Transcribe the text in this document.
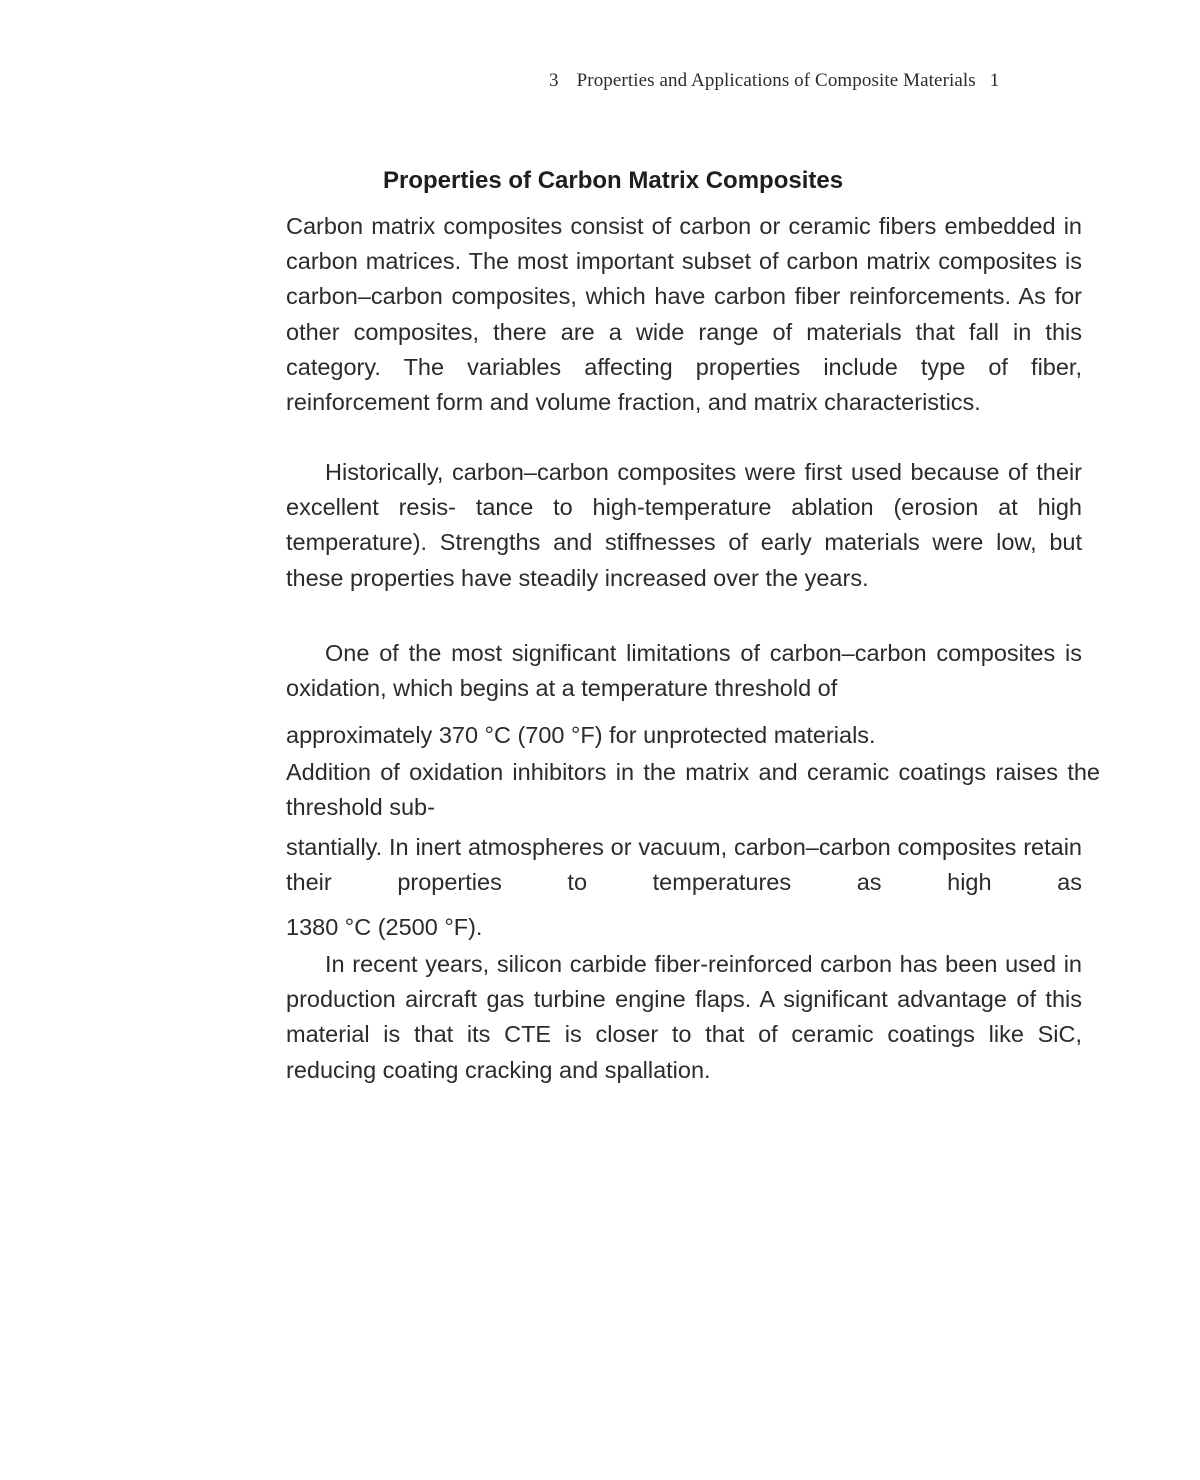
3 Properties and Applications of Composite Materials 1
Properties of Carbon Matrix Composites

Carbon matrix composites consist of carbon or ceramic fibers embedded in carbon matrices. The most important subset of carbon matrix composites is carbon–carbon composites, which have carbon fiber reinforcements. As for other composites, there are a wide range of materials that fall in this category. The variables affecting properties include type of fiber, reinforcement form and volume fraction, and matrix characteristics.

Historically, carbon–carbon composites were first used because of their excellent resis- tance to high-temperature ablation (erosion at high temperature). Strengths and stiffnesses of early materials were low, but these properties have steadily increased over the years.

One of the most significant limitations of carbon–carbon composites is oxidation, which begins at a temperature threshold of

approximately 370 °C (700 °F) for unprotected materials.

Addition of oxidation inhibitors in the matrix and ceramic coatings raises the threshold sub-

stantially. In inert atmospheres or vacuum, carbon–carbon composites retain their properties to temperatures as high as

1380 °C (2500 °F).

In recent years, silicon carbide fiber-reinforced carbon has been used in production aircraft gas turbine engine flaps. A significant advantage of this material is that its CTE is closer to that of ceramic coatings like SiC, reducing coating cracking and spallation.
